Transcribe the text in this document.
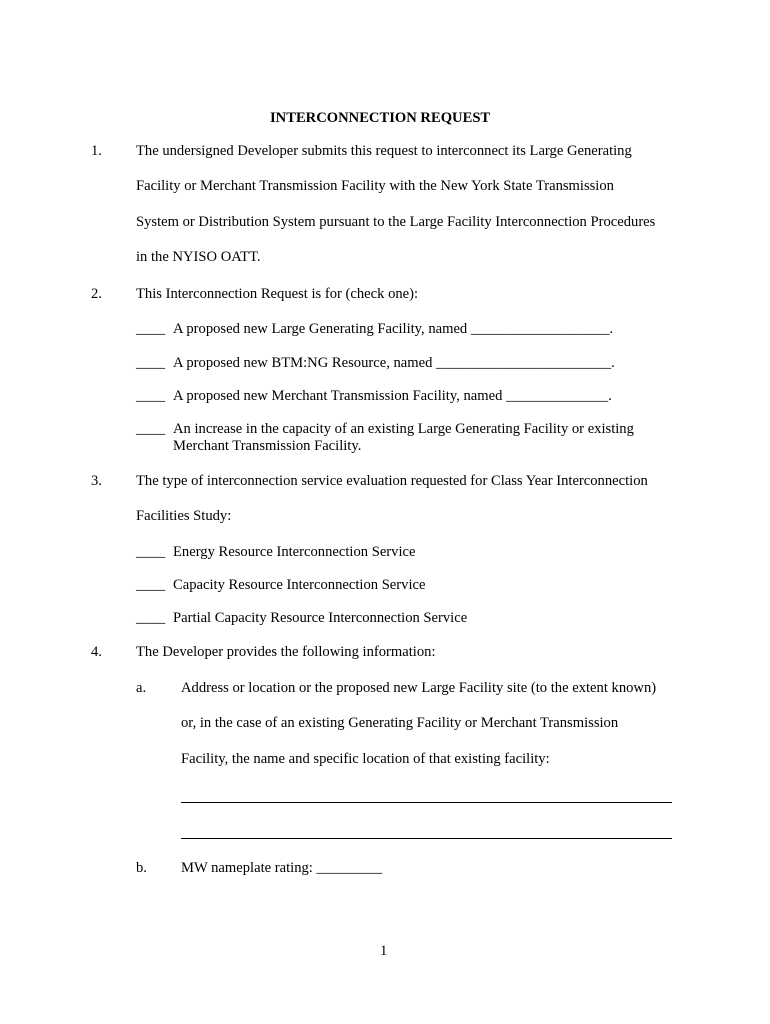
INTERCONNECTION REQUEST
1. The undersigned Developer submits this request to interconnect its Large Generating
Facility or Merchant Transmission Facility with the New York State Transmission
System or Distribution System pursuant to the Large Facility Interconnection Procedures
in the NYISO OATT.
2. This Interconnection Request is for (check one):
____ A proposed new Large Generating Facility, named ___________________.
____ A proposed new BTM:NG Resource, named ________________________.
____ A proposed new Merchant Transmission Facility, named ______________.
____ An increase in the capacity of an existing Large Generating Facility or existing
Merchant Transmission Facility.
3. The type of interconnection service evaluation requested for Class Year Interconnection
Facilities Study:
____ Energy Resource Interconnection Service
____ Capacity Resource Interconnection Service
____ Partial Capacity Resource Interconnection Service
4. The Developer provides the following information:
a. Address or location or the proposed new Large Facility site (to the extent known)
or, in the case of an existing Generating Facility or Merchant Transmission
Facility, the name and specific location of that existing facility:
b. MW nameplate rating: _________
1
